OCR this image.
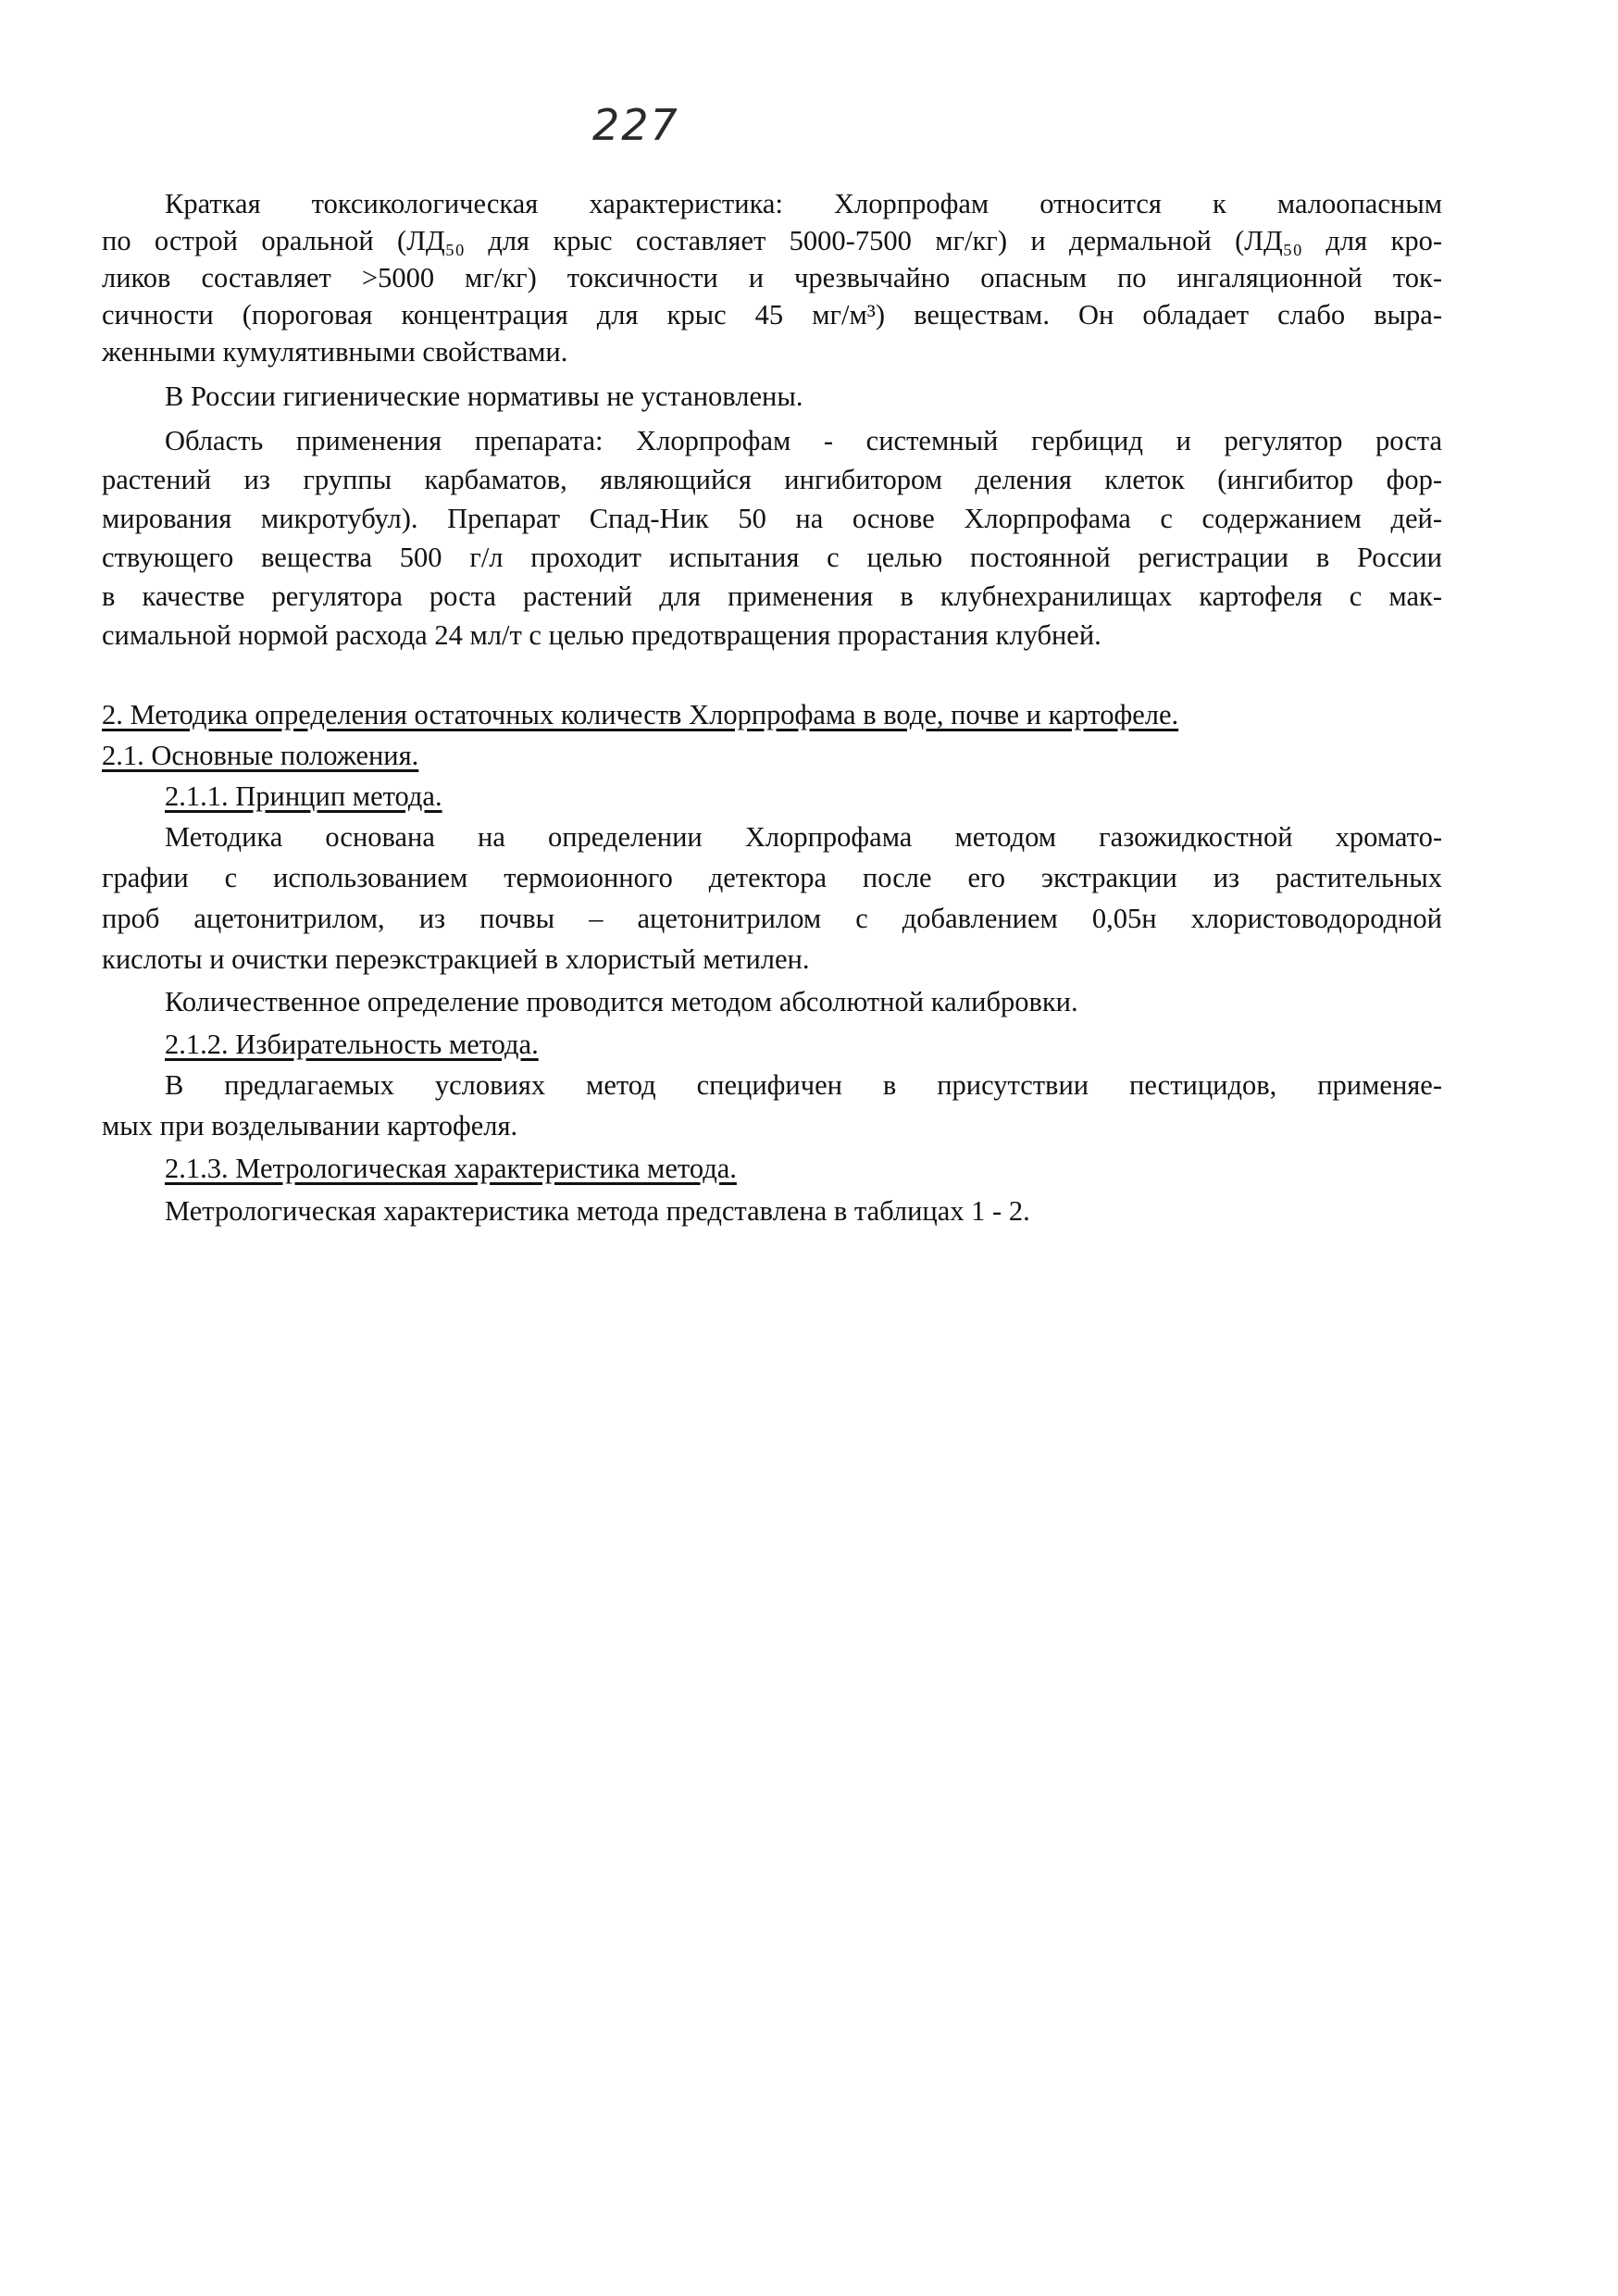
227

Краткая токсикологическая характеристика: Хлорпрофам относится к малоопасным

по острой оральной (ЛД₅₀ для крыс составляет 5000-7500 мг/кг) и дермальной (ЛД₅₀ для кро-

ликов составляет >5000 мг/кг) токсичности и чрезвычайно опасным по ингаляционной ток-

сичности (пороговая концентрация для крыс 45 мг/м³) веществам. Он обладает слабо выра-

женными кумулятивными свойствами.

В России гигиенические нормативы не установлены.

Область применения препарата: Хлорпрофам - системный гербицид и регулятор роста

растений из группы карбаматов, являющийся ингибитором деления клеток (ингибитор фор-

мирования микротубул). Препарат Спад-Ник 50 на основе Хлорпрофама с содержанием дей-

ствующего вещества 500 г/л проходит испытания с целью постоянной регистрации в России

в качестве регулятора роста растений для применения в клубнехранилищах картофеля с мак-

симальной нормой расхода 24 мл/т с целью предотвращения прорастания клубней.

2. Методика определения остаточных количеств Хлорпрофама в воде, почве и картофеле.

2.1. Основные положения.

2.1.1. Принцип метода.

Методика основана на определении Хлорпрофама методом газожидкостной хромато-

графии с использованием термоионного детектора после его экстракции из растительных

проб ацетонитрилом, из почвы – ацетонитрилом с добавлением 0,05н хлористоводородной

кислоты и очистки переэкстракцией в хлористый метилен.

Количественное определение проводится методом абсолютной калибровки.

2.1.2. Избирательность метода.

В предлагаемых условиях метод специфичен в присутствии пестицидов, применяе-

мых при возделывании картофеля.

2.1.3. Метрологическая характеристика метода.

Метрологическая характеристика метода представлена в таблицах 1 - 2.
